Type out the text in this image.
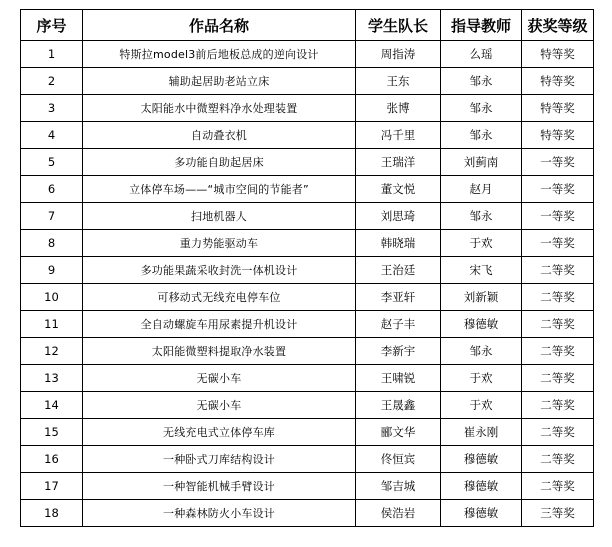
序号	作品名称	学生队长	指导教师	获奖等级
1	特斯拉model3前后地板总成的逆向设计	周指涛	么瑶	特等奖
2	辅助起居助老站立床	王东	邹永	特等奖
3	太阳能水中微塑料净水处理装置	张博	邹永	特等奖
4	自动叠衣机	冯千里	邹永	特等奖
5	多功能自助起居床	王瑞洋	刘蓟南	一等奖
6	立体停车场——“城市空间的节能者”	董文悦	赵月	一等奖
7	扫地机器人	刘思琦	邹永	一等奖
8	重力势能驱动车	韩晓瑞	于欢	一等奖
9	多功能果蔬采收封洗一体机设计	王治廷	宋飞	二等奖
10	可移动式无线充电停车位	李亚轩	刘新颖	二等奖
11	全自动螺旋车用尿素提升机设计	赵子丰	穆德敏	二等奖
12	太阳能微塑料提取净水装置	李新宇	邹永	二等奖
13	无碳小车	王啸锐	于欢	二等奖
14	无碳小车	王晟鑫	于欢	二等奖
15	无线充电式立体停车库	郦文华	崔永刚	二等奖
16	一种卧式刀库结构设计	佟恒宾	穆德敏	二等奖
17	一种智能机械手臂设计	邹吉城	穆德敏	二等奖
18	一种森林防火小车设计	侯浩岩	穆德敏	三等奖
